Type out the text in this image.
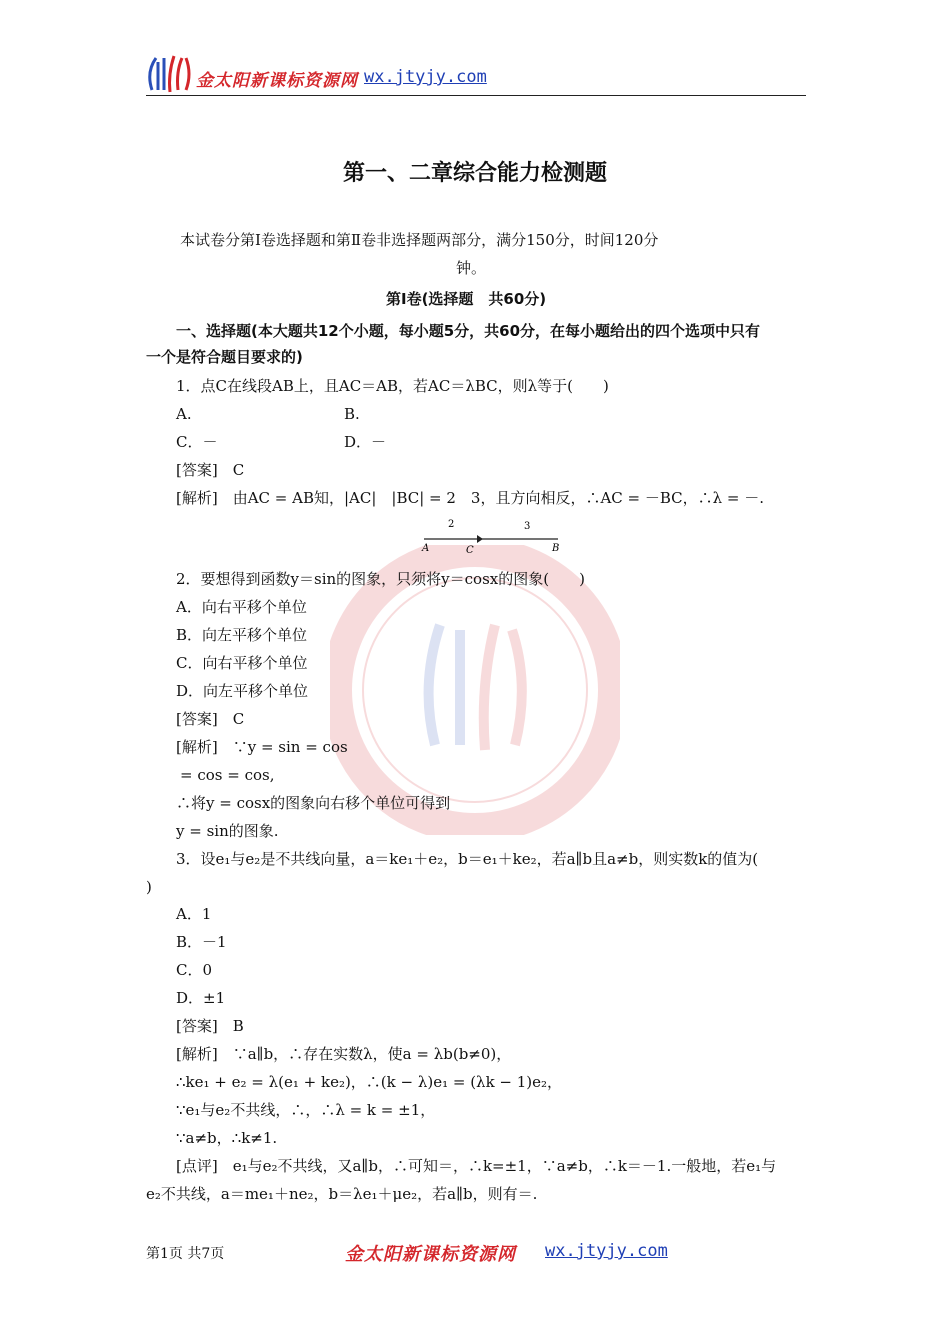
金太阳新课标资源网 wx.jtyjy.com
第一、二章综合能力检测题
本试卷分第Ⅰ卷选择题和第Ⅱ卷非选择题两部分，满分150分，时间120分
钟。
第Ⅰ卷(选择题　共60分)
一、选择题(本大题共12个小题，每小题5分，共60分，在每小题给出的四个选项中只有
一个是符合题目要求的)
1．点C在线段AB上，且AC＝AB，若AC＝λBC，则λ等于(　　)
A.	B.
C．－	D．－
[答案]　C
[解析]　由AC = AB知，|AC|　|BC| = 2　3，且方向相反，∴AC = －BC，∴λ = －.
2	3
A	C	B
2．要想得到函数y＝sin的图象，只须将y＝cosx的图象(　　)
A．向右平移个单位
B．向左平移个单位
C．向右平移个单位
D．向左平移个单位
[答案]　C
[解析]　∵y = sin = cos
= cos = cos,
∴将y = cosx的图象向右移个单位可得到
y = sin的图象.
3．设e₁与e₂是不共线向量，a＝ke₁＋e₂，b＝e₁＋ke₂，若a∥b且a≠b，则实数k的值为(
)
A．1
B．－1
C．0
D．±1
[答案]　B
[解析]　∵a∥b，∴存在实数λ，使a = λb(b≠0)，
∴ke₁ + e₂ = λ(e₁ + ke₂)，∴(k − λ)e₁ = (λk − 1)e₂，
∵e₁与e₂不共线，∴，∴λ = k = ±1，
∵a≠b，∴k≠1.
[点评]　e₁与e₂不共线，又a∥b，∴可知＝，∴k=±1，∵a≠b，∴k＝－1.一般地，若e₁与
e₂不共线，a＝me₁＋ne₂，b＝λe₁＋μe₂，若a∥b，则有＝.
第1页 共7页	金太阳新课标资源网 wx.jtyjy.com
